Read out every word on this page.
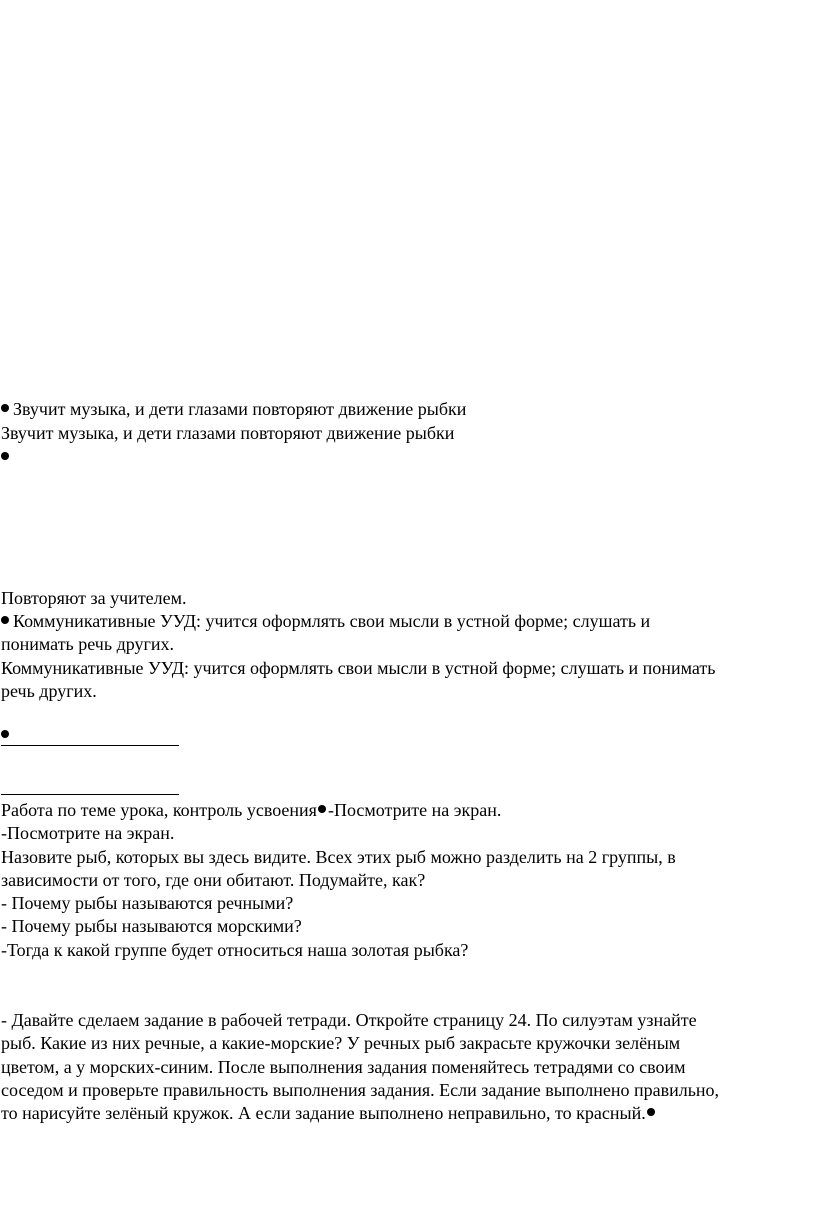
Звучит музыка, и дети глазами повторяют движение рыбки
Звучит музыка, и дети глазами повторяют движение рыбки
Повторяют за учителем.
Коммуникативные УУД: учится оформлять свои мысли в устной форме; слушать и
понимать речь других.
Коммуникативные УУД: учится оформлять свои мысли в устной форме; слушать и понимать
речь других.
Работа по теме урока, контроль усвоения -Посмотрите на экран.
-Посмотрите на экран.
Назовите рыб, которых вы здесь видите. Всех этих рыб можно разделить на 2 группы, в
зависимости от того, где они обитают. Подумайте, как?
- Почему рыбы называются речными?
- Почему рыбы называются морскими?
-Тогда к какой группе будет относиться наша золотая рыбка?
- Давайте сделаем задание в рабочей тетради. Откройте страницу 24. По силуэтам узнайте
рыб. Какие из них речные, а какие-морские? У речных рыб закрасьте кружочки зелёным
цветом, а у морских-синим. После выполнения задания поменяйтесь тетрадями со своим
соседом и проверьте правильность выполнения задания. Если задание выполнено правильно,
то нарисуйте зелёный кружок. А если задание выполнено неправильно, то красный.
